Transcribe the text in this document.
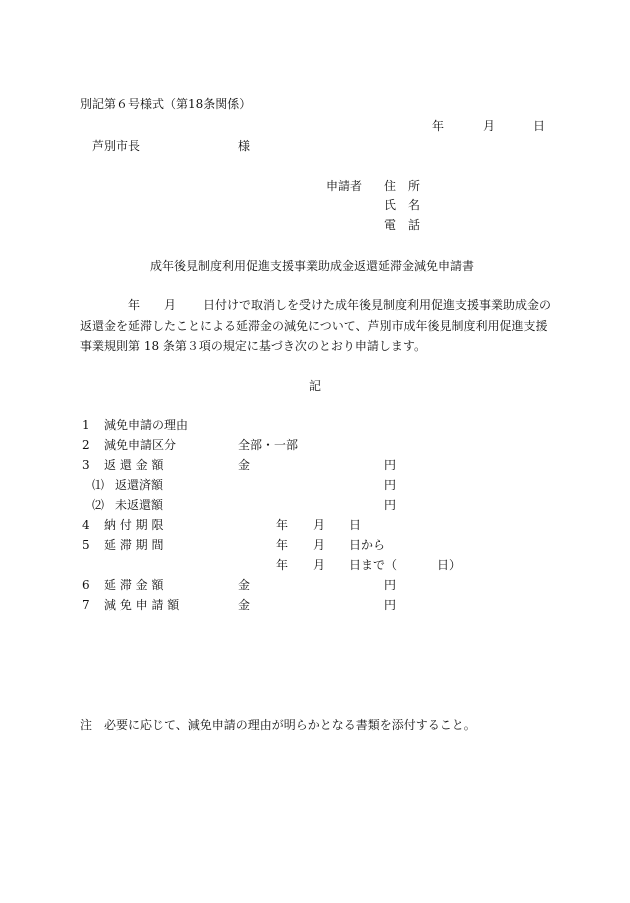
別記第６号様式（第18条関係）
年	月	日
芦別市長	様
申請者 住　所
氏　名
電　話
成年後見制度利用促進支援事業助成金返還延滞金減免申請書
年 月 日付けで取消しを受けた成年後見制度利用促進支援事業助成金の
返還金を延滞したことによる延滞金の減免について、芦別市成年後見制度利用促進支援
事業規則第 18 条第３項の規定に基づき次のとおり申請します。
記
1 減免申請の理由
2 減免申請区分	全部・一部
3 返 還 金 額	金	円
⑴ 返還済額	円
⑵ 未返還額	円
4 納 付 期 限	年 月 日
5 延 滞 期 間	年 月 日から
年 月 日まで（	日）
6 延 滞 金 額	金	円
7 減 免 申 請 額	金	円
注 必要に応じて、減免申請の理由が明らかとなる書類を添付すること。
